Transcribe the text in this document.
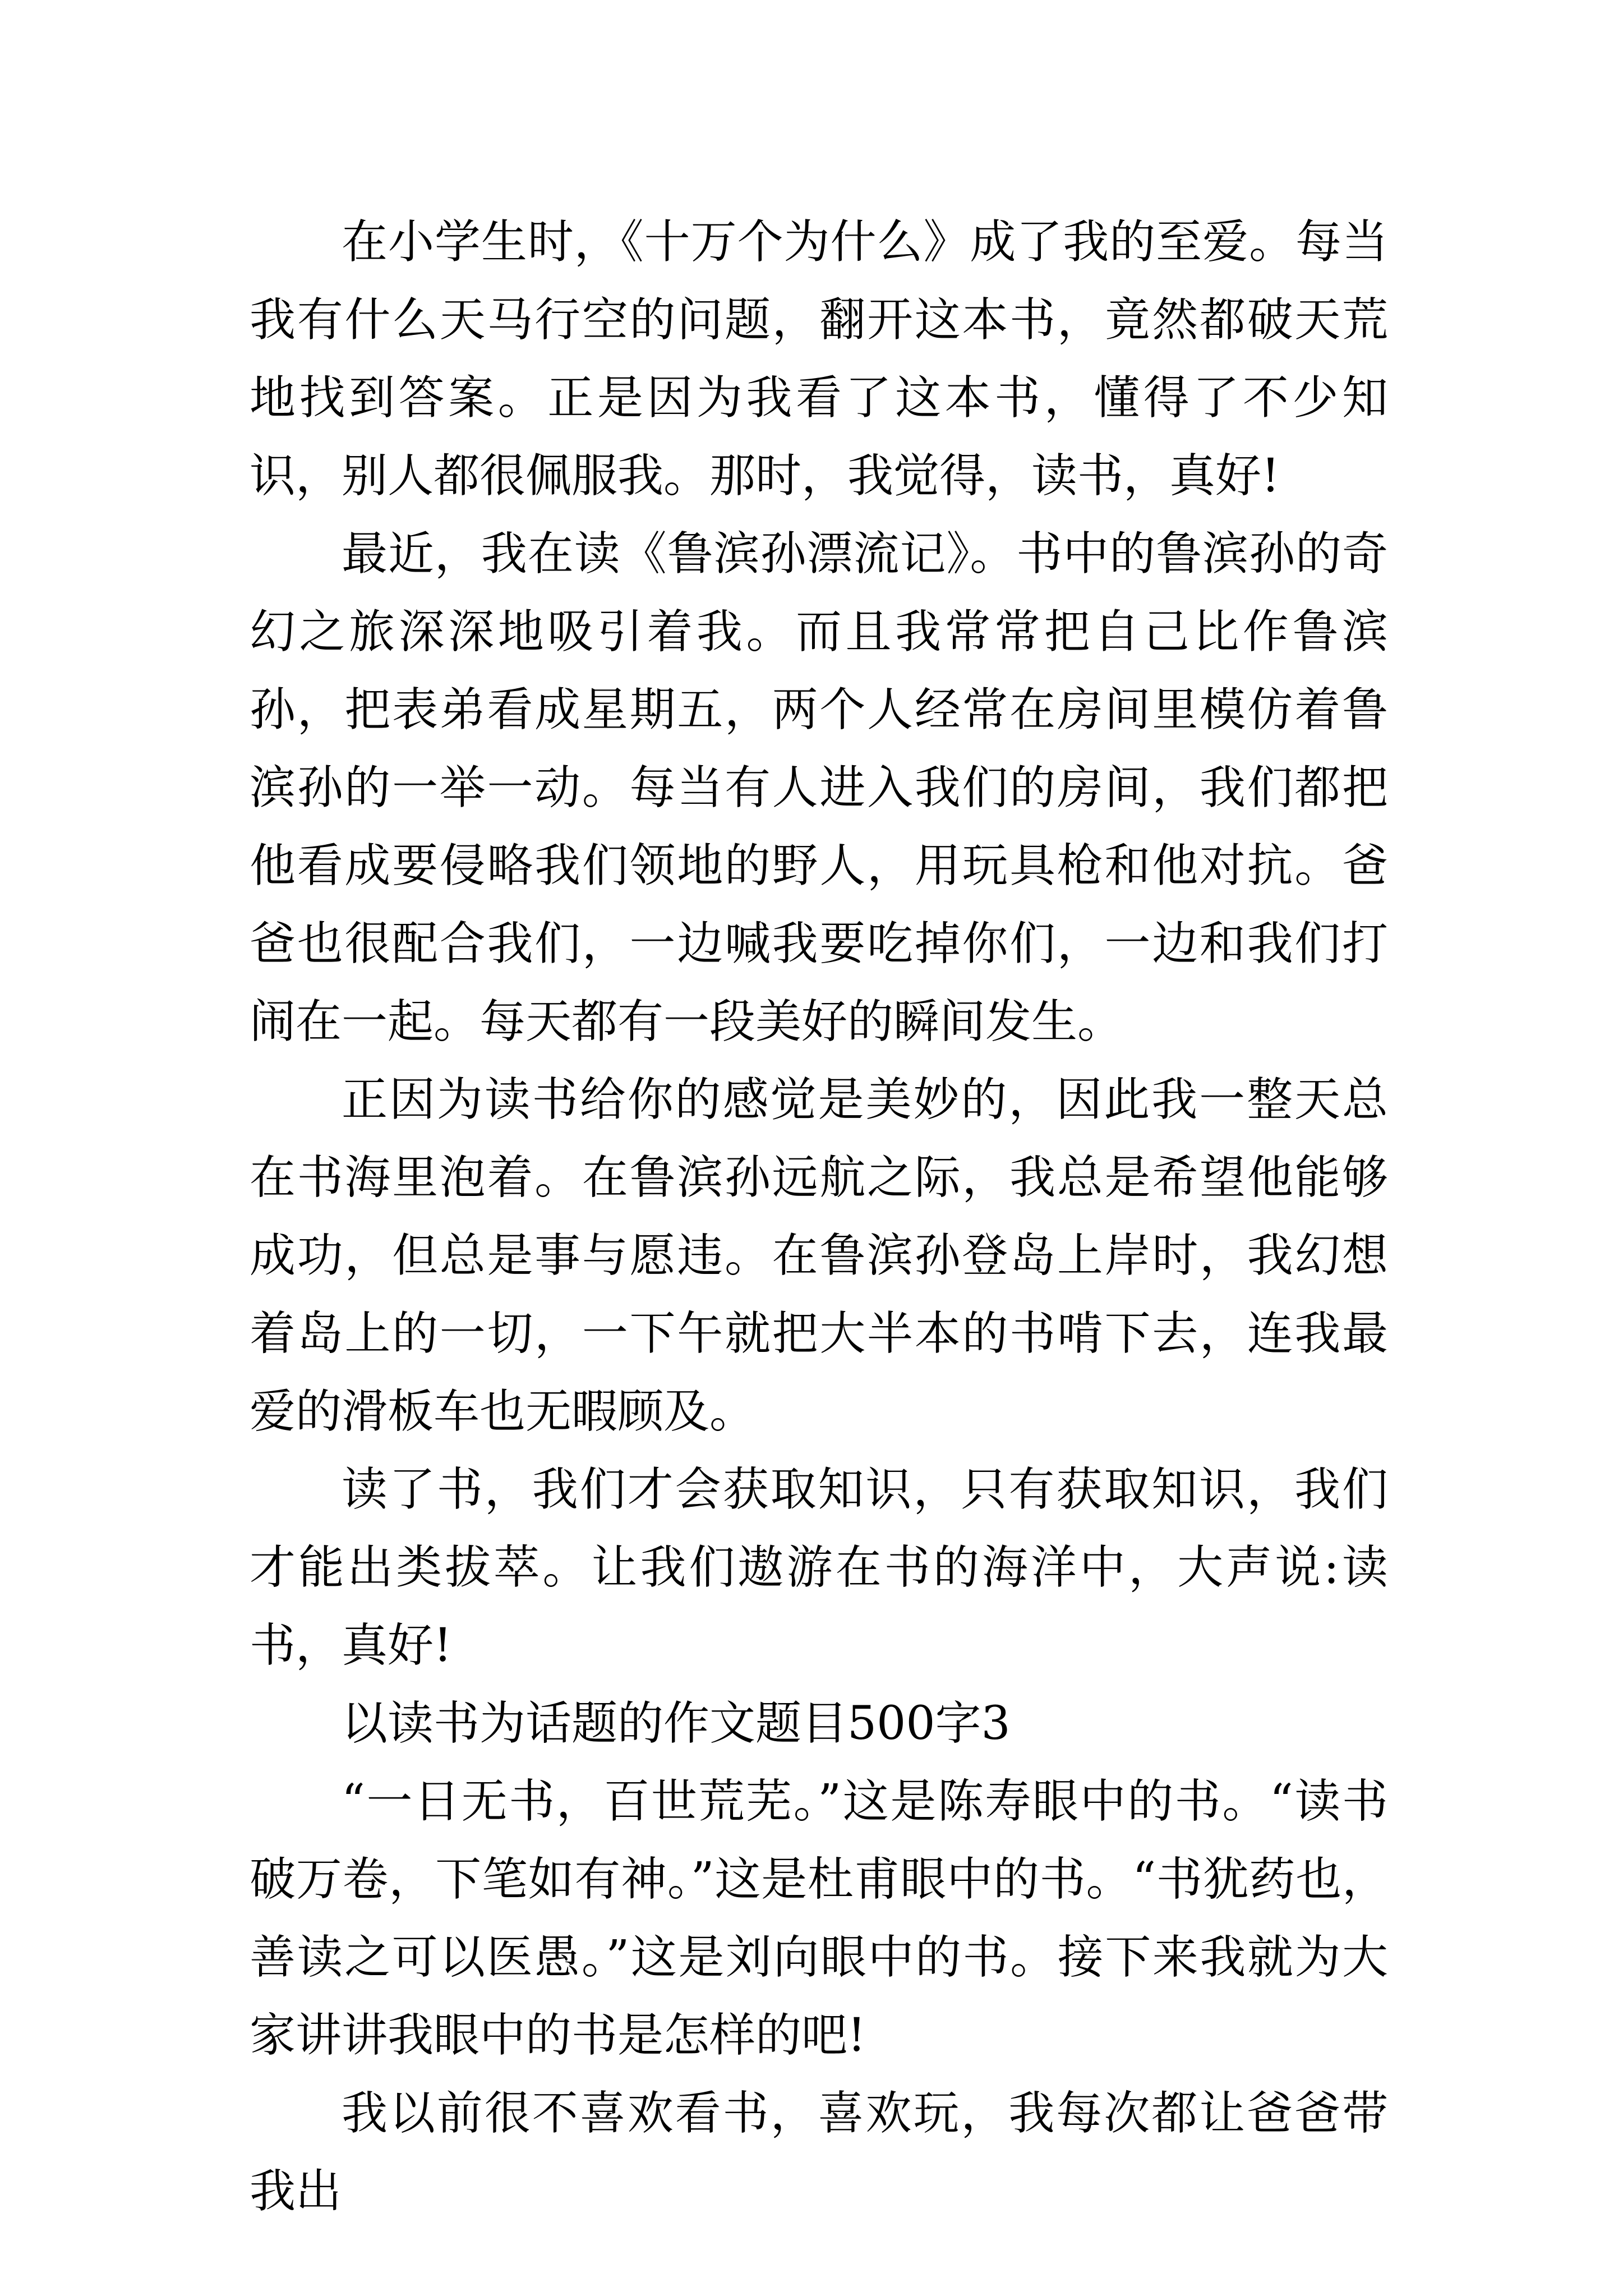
在小学生时，《十万个为什么》成了我的至爱。每当我有什么天马行空的问题，翻开这本书，竟然都破天荒地找到答案。正是因为我看了这本书，懂得了不少知识，别人都很佩服我。那时，我觉得，读书，真好!

最近，我在读《鲁滨孙漂流记》。书中的鲁滨孙的奇幻之旅深深地吸引着我。而且我常常把自己比作鲁滨孙，把表弟看成星期五，两个人经常在房间里模仿着鲁滨孙的一举一动。每当有人进入我们的房间，我们都把他看成要侵略我们领地的野人，用玩具枪和他对抗。爸爸也很配合我们，一边喊我要吃掉你们，一边和我们打闹在一起。每天都有一段美好的瞬间发生。

正因为读书给你的感觉是美妙的，因此我一整天总在书海里泡着。在鲁滨孙远航之际，我总是希望他能够成功，但总是事与愿违。在鲁滨孙登岛上岸时，我幻想着岛上的一切，一下午就把大半本的书啃下去，连我最爱的滑板车也无暇顾及。

读了书，我们才会获取知识，只有获取知识，我们才能出类拔萃。让我们遨游在书的海洋中，大声说:读书，真好!

以读书为话题的作文题目500字3

“一日无书，百世荒芜。”这是陈寿眼中的书。“读书破万卷，下笔如有神。”这是杜甫眼中的书。“书犹药也，善读之可以医愚。”这是刘向眼中的书。接下来我就为大家讲讲我眼中的书是怎样的吧!

我以前很不喜欢看书，喜欢玩，我每次都让爸爸带我出
